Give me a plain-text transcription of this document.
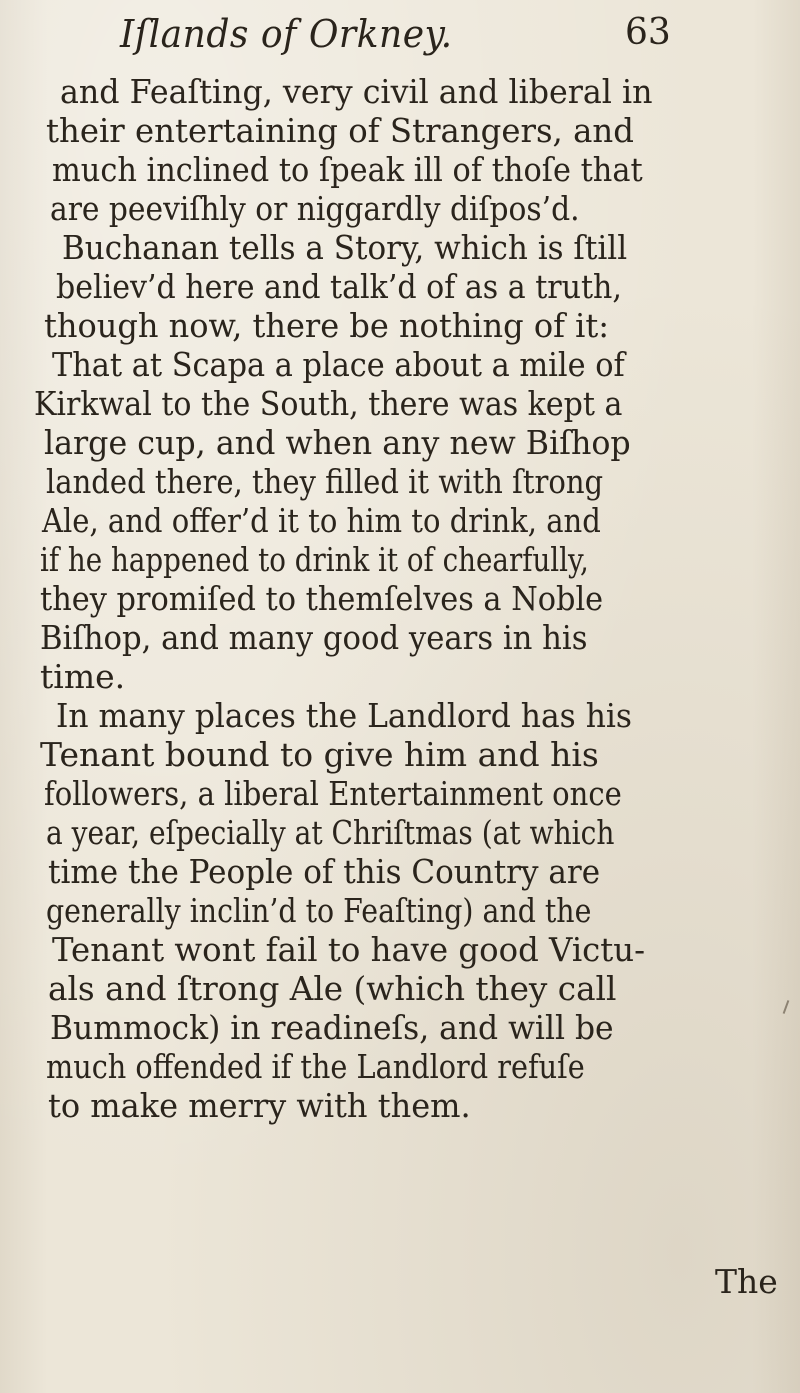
Iſlands of Orkney.	63
and Feaſting, very civil and liberal in
their entertaining of Strangers, and
much inclined to ſpeak ill of thoſe that
are peeviſhly or niggardly diſpos’d.
Buchanan tells a Story, which is ſtill
believ’d here and talk’d of as a truth,
though now, there be nothing of it:
That at Scapa a place about a mile of
Kirkwal to the South, there was kept a
large cup, and when any new Biſhop
landed there, they filled it with ſtrong
Ale, and offer’d it to him to drink, and
if he happened to drink it of chearfully,
they promiſed to themſelves a Noble
Biſhop, and many good years in his
time.
In many places the Landlord has his
Tenant bound to give him and his
followers, a liberal Entertainment once
a year, eſpecially at Chriſtmas (at which
time the People of this Country are
generally inclin’d to Feaſting) and the
Tenant wont fail to have good Victu-
als and ſtrong Ale (which they call
Bummock) in readineſs, and will be
much offended if the Landlord refuſe
to make merry with them.
The
